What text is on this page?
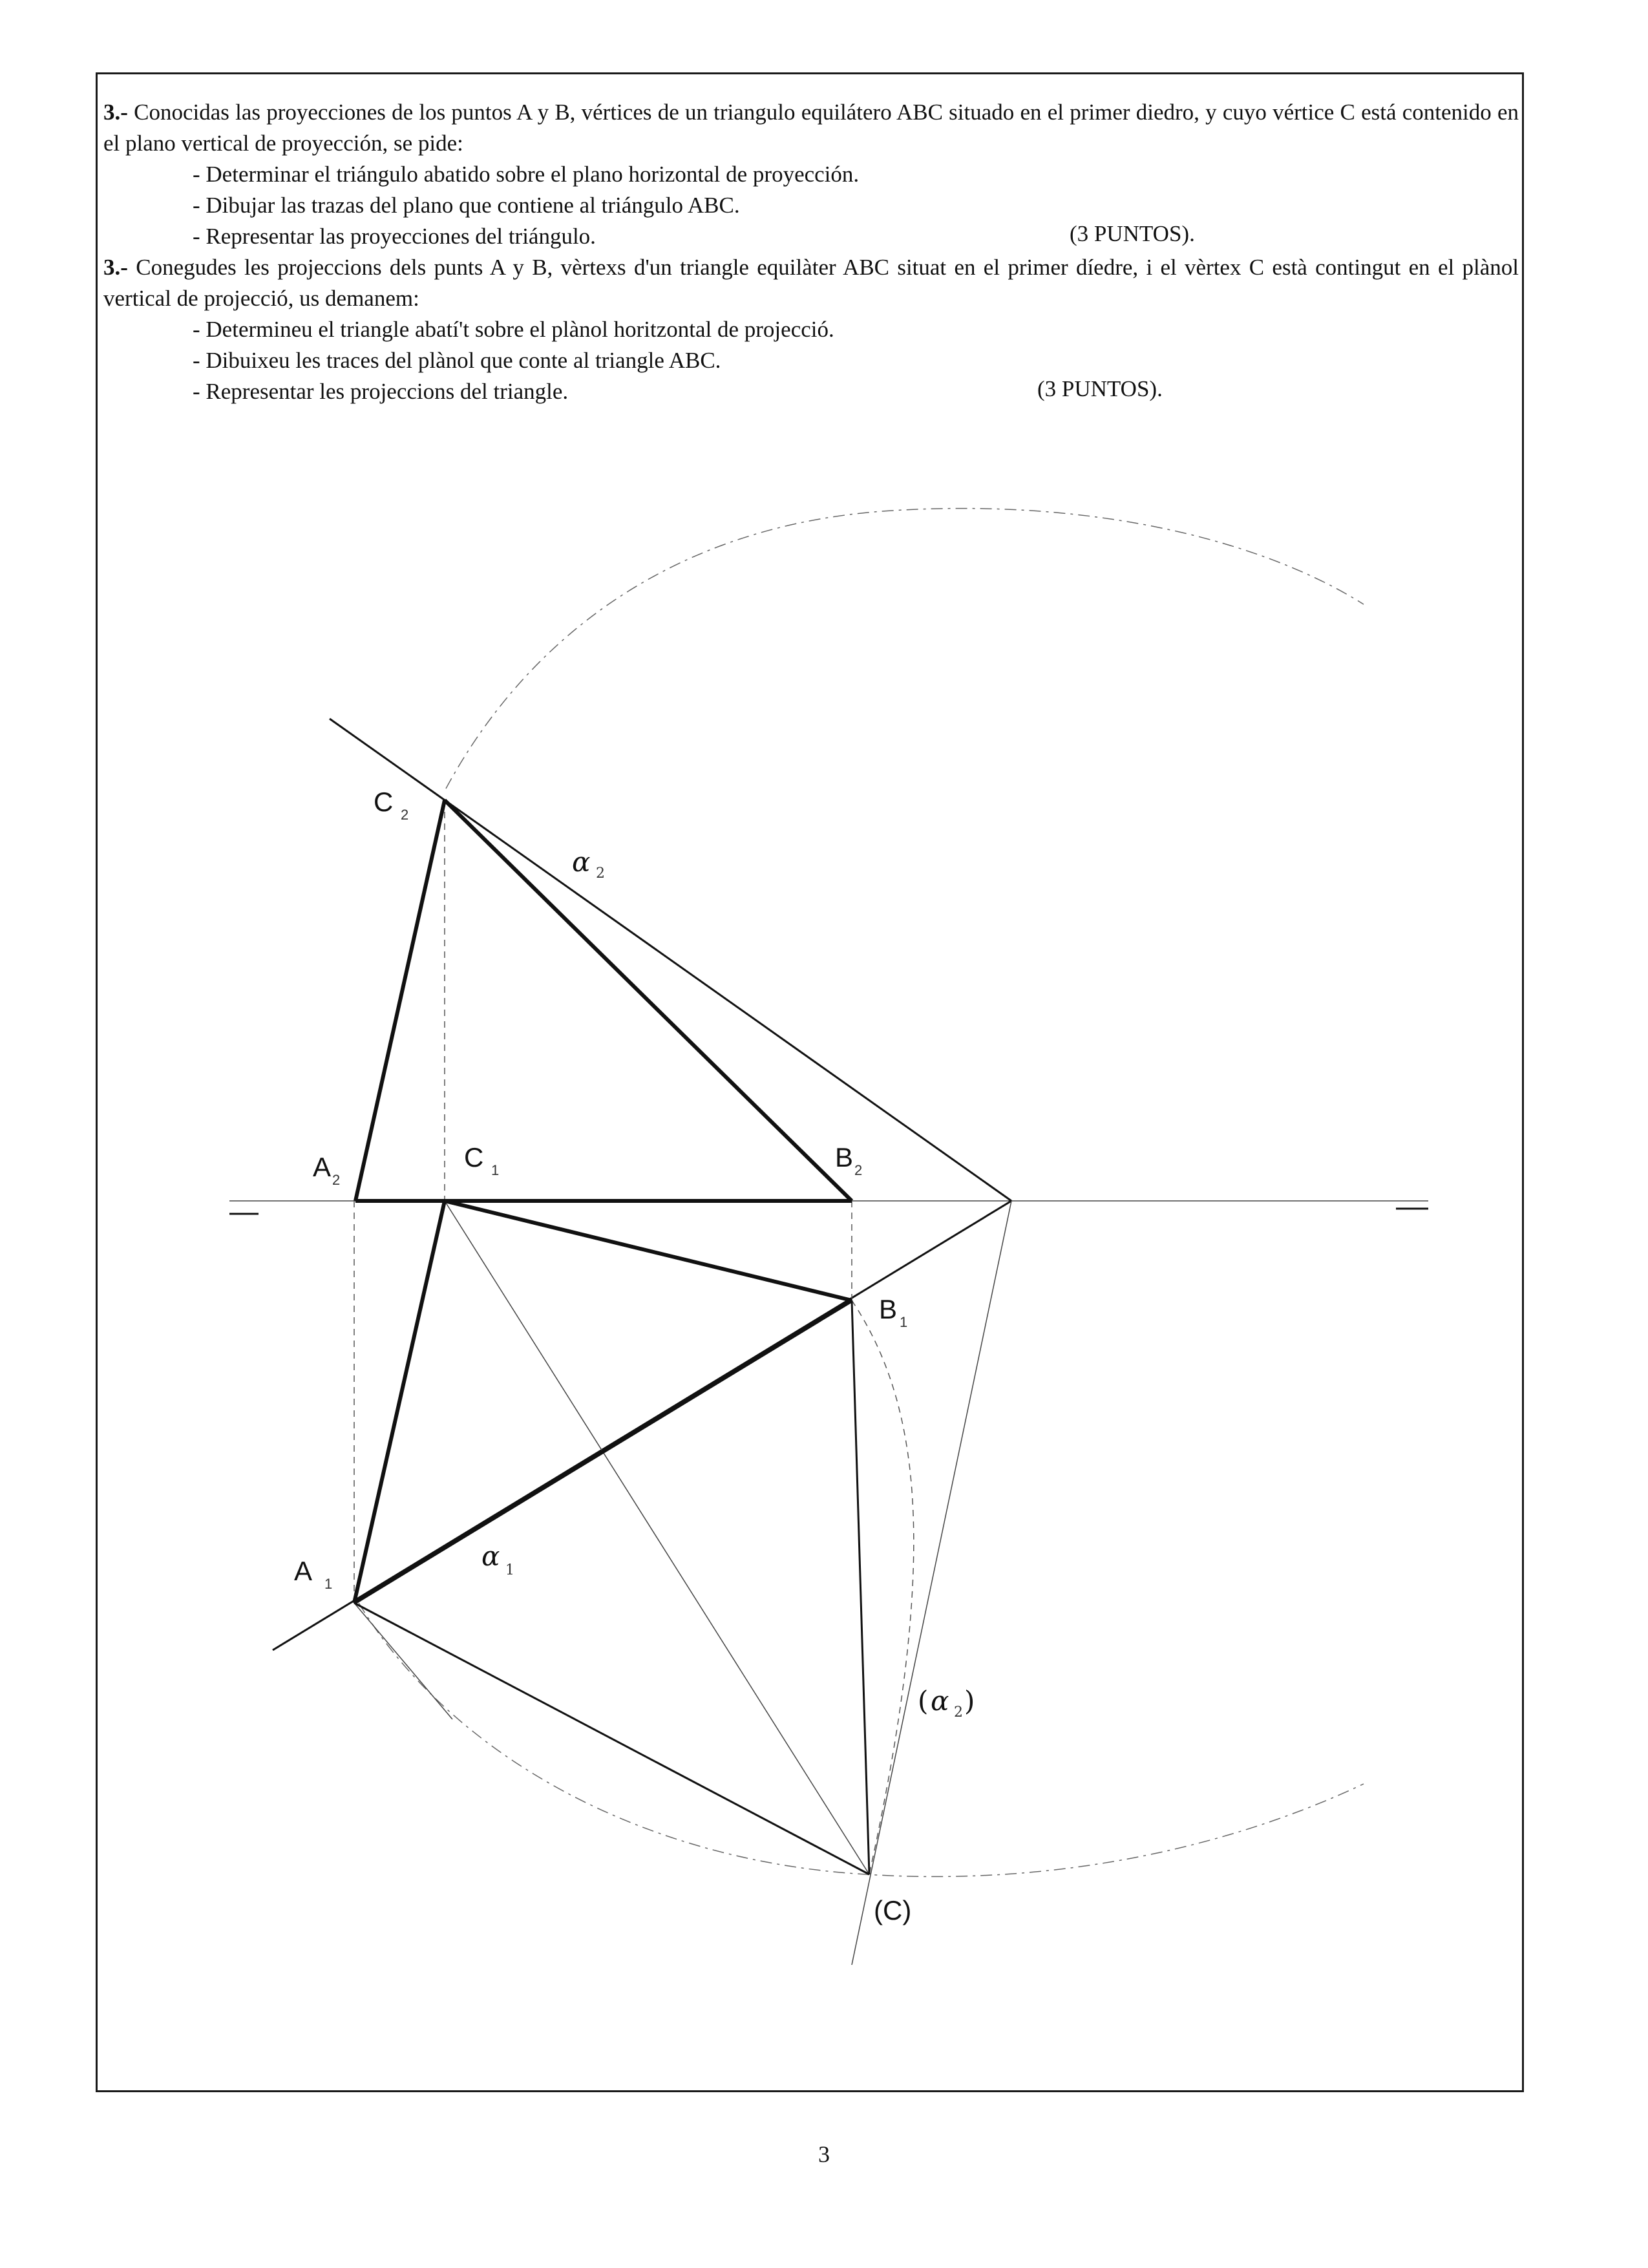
3.- Conocidas las proyecciones de los puntos A y B, vértices de un triangulo equilátero ABC situado en el primer diedro, y cuyo vértice C está contenido en el plano vertical de proyección, se pide:

- Determinar el triángulo abatido sobre el plano horizontal de proyección.

- Dibujar las trazas del plano que contiene al triángulo ABC.

- Representar las proyecciones del triángulo.

3.- Conegudes les projeccions dels punts A y B, vèrtexs d'un triangle equilàter ABC situat en el primer díedre, i el vèrtex C està contingut en el plànol vertical de projecció, us demanem:

- Determineu el triangle abatí't sobre el plànol horitzontal de projecció.

- Dibuixeu les traces del plànol que conte al triangle ABC.

- Representar les projeccions del triangle.

(3 PUNTOS).
(3 PUNTOS).
C 2
α 2
A 2
C 1	B 2
B 1
A 1
α 1
( α 2 )
(C)
3
